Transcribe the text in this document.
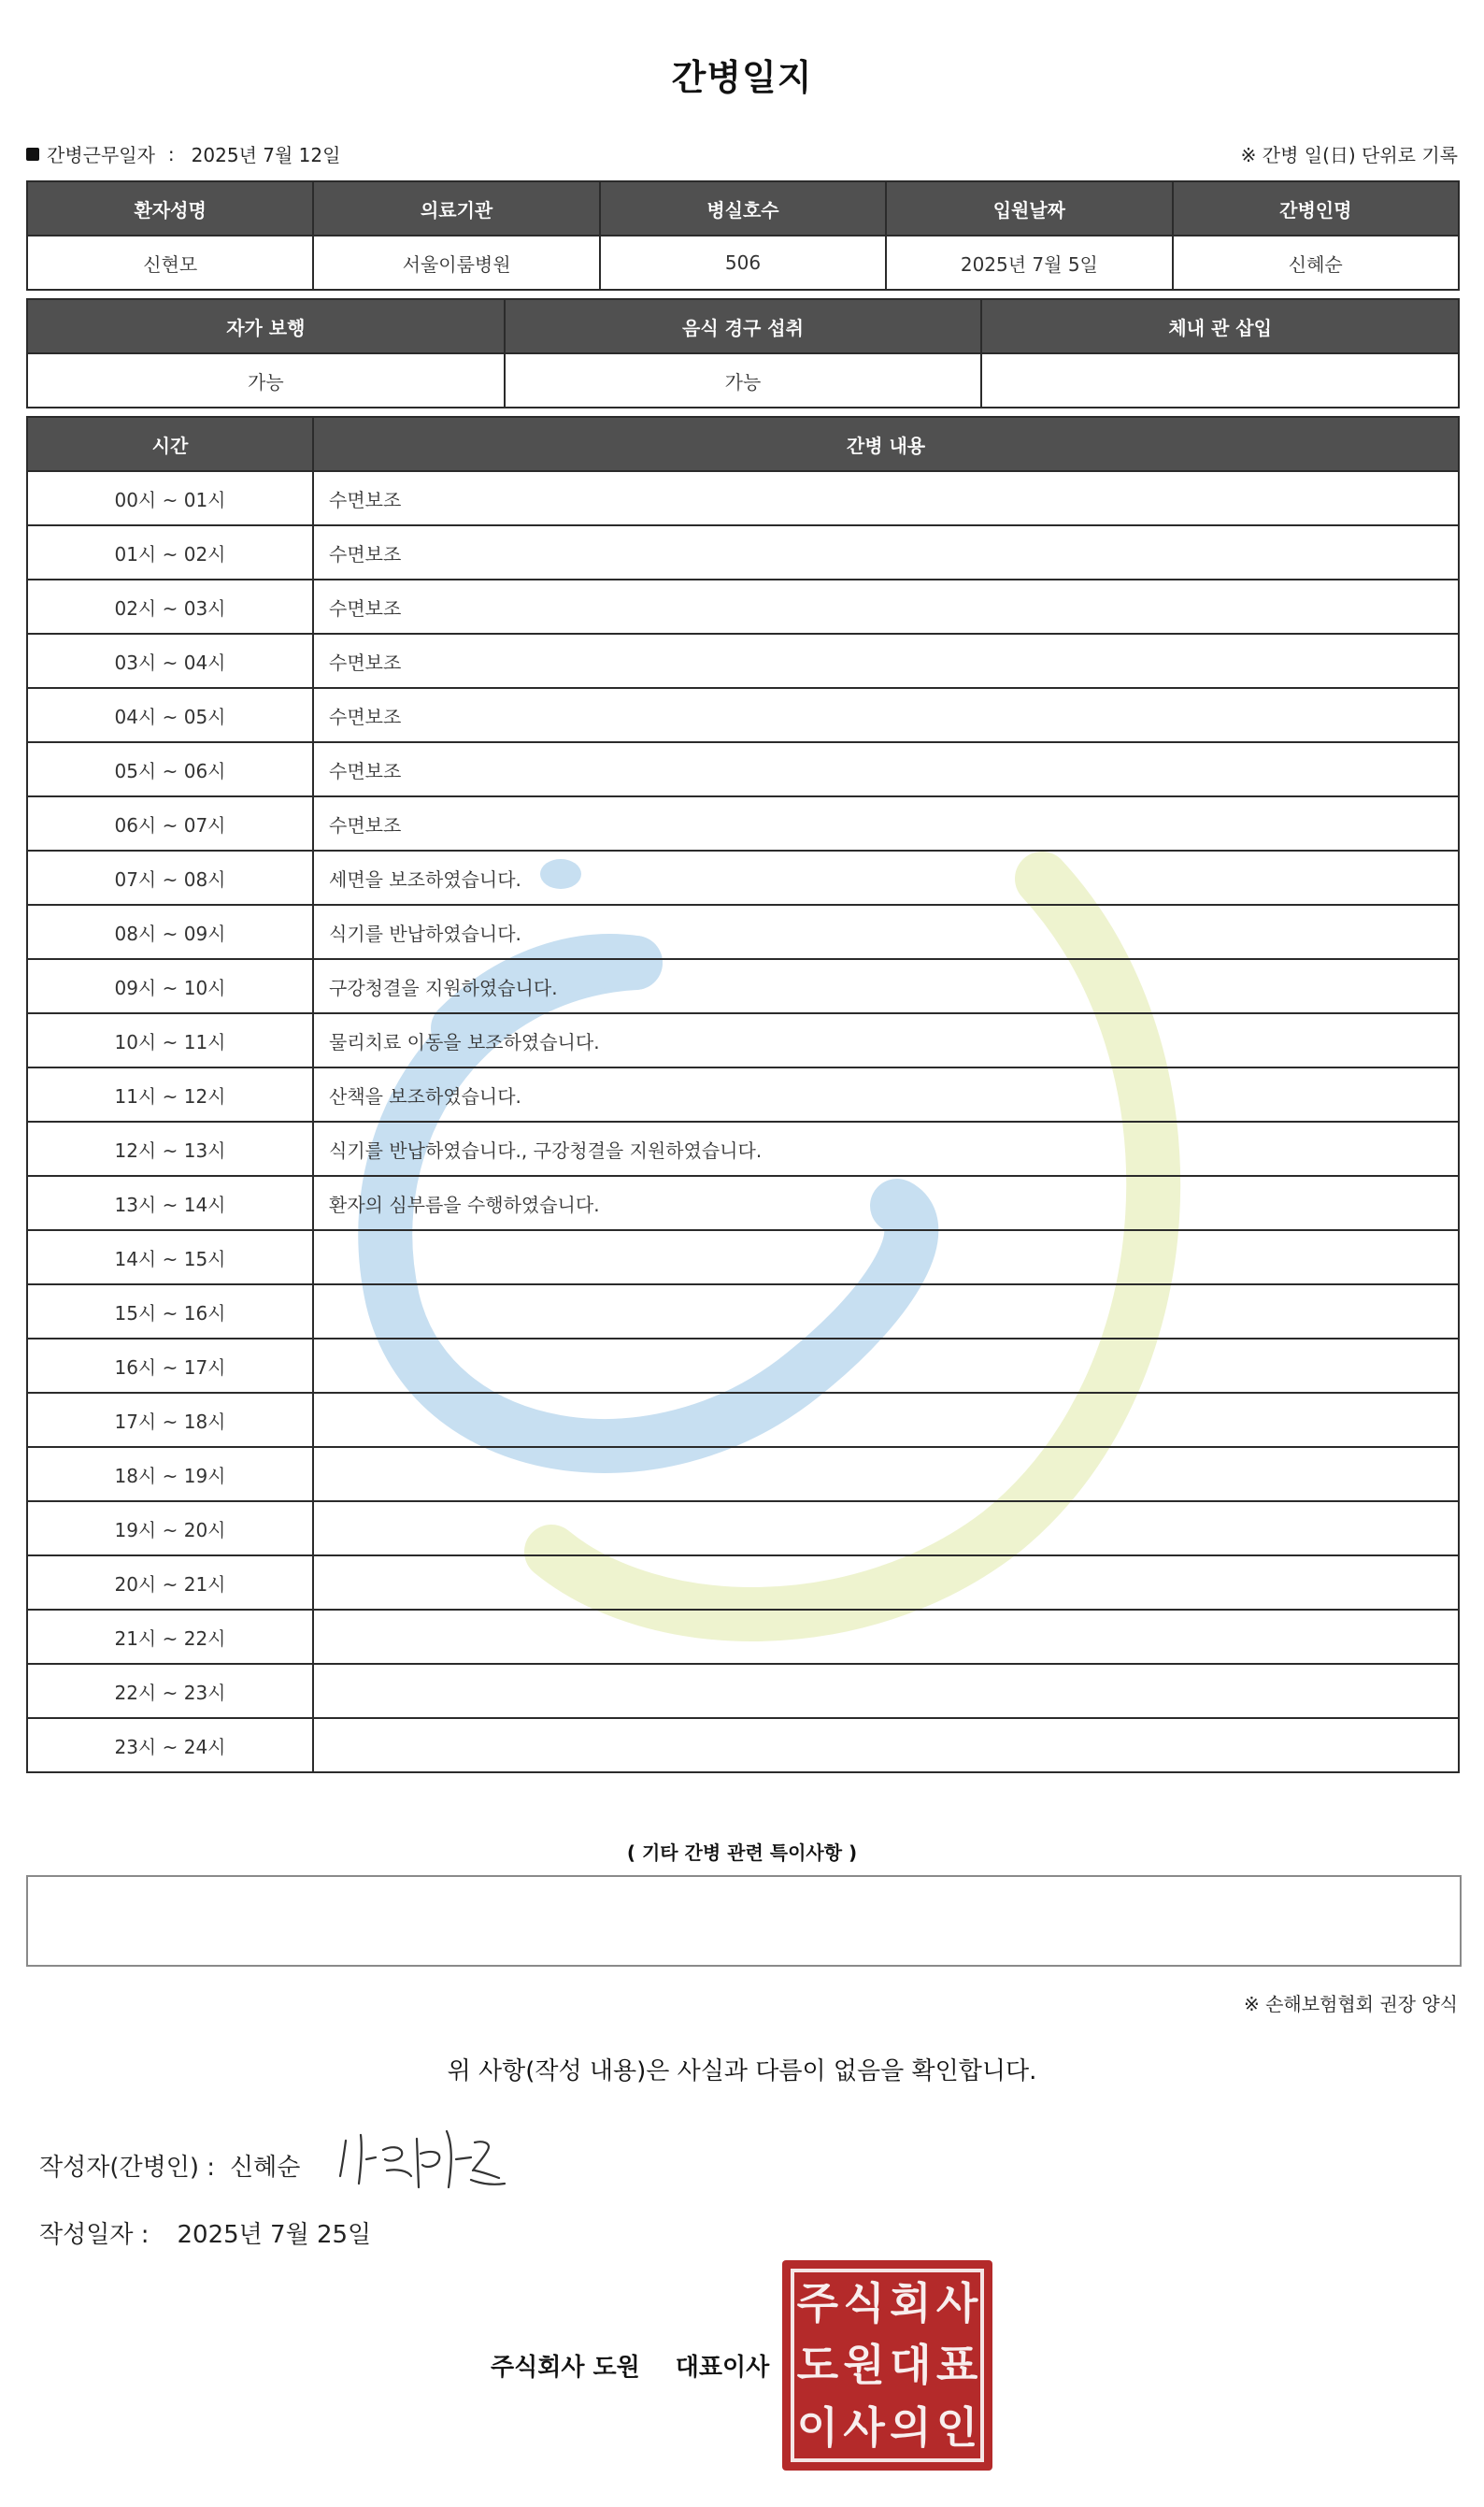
간병일지
간병근무일자 : 2025년 7월 12일	※ 간병 일(日) 단위로 기록
환자성명	의료기관	병실호수	입원날짜	간병인명
신현모	서울이룸병원	506	2025년 7월 5일	신혜순
자가 보행	음식 경구 섭취	체내 관 삽입
가능	가능	
시간	간병 내용
00시 ~ 01시	수면보조
01시 ~ 02시	수면보조
02시 ~ 03시	수면보조
03시 ~ 04시	수면보조
04시 ~ 05시	수면보조
05시 ~ 06시	수면보조
06시 ~ 07시	수면보조
07시 ~ 08시	세면을 보조하였습니다.
08시 ~ 09시	식기를 반납하였습니다.
09시 ~ 10시	구강청결을 지원하였습니다.
10시 ~ 11시	물리치료 이동을 보조하였습니다.
11시 ~ 12시	산책을 보조하였습니다.
12시 ~ 13시	식기를 반납하였습니다., 구강청결을 지원하였습니다.
13시 ~ 14시	환자의 심부름을 수행하였습니다.
14시 ~ 15시	
15시 ~ 16시	
16시 ~ 17시	
17시 ~ 18시	
18시 ~ 19시	
19시 ~ 20시	
20시 ~ 21시	
21시 ~ 22시	
22시 ~ 23시	
23시 ~ 24시	
( 기타 간병 관련 특이사항 )
※ 손해보험협회 권장 양식
위 사항(작성 내용)은 사실과 다름이 없음을 확인합니다.
작성자(간병인) : 신혜순
작성일자 : 2025년 7월 25일
주식회사 도원 대표이사
주 식 회 사
도 원 대 표
이 사 의 인
